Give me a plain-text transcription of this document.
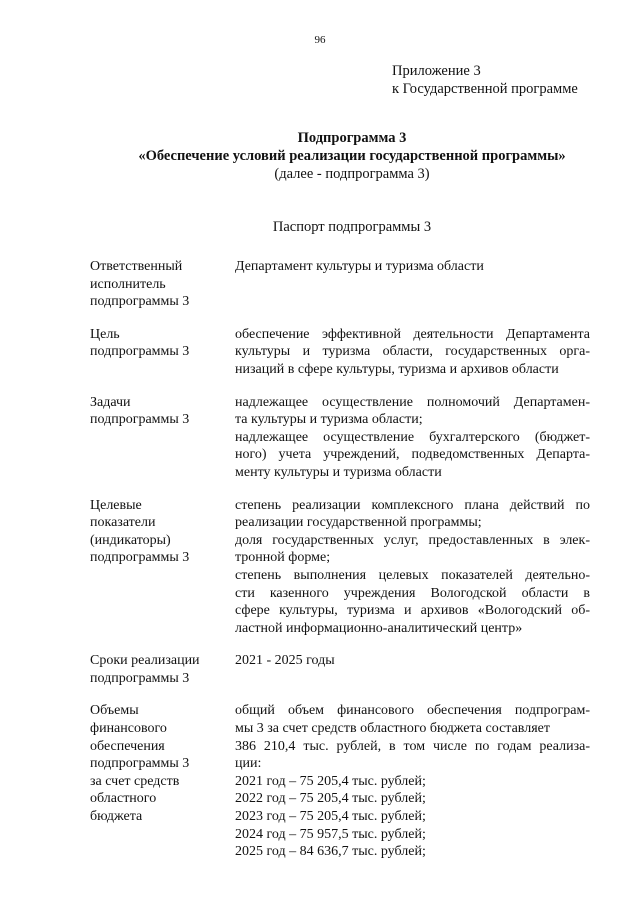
96
Приложение 3
к Государственной программе
Подпрограмма 3
«Обеспечение условий реализации государственной программы»
(далее - подпрограмма 3)
Паспорт подпрограммы 3
Ответственный
исполнитель
подпрограммы 3
Департамент культуры и туризма области
Цель
подпрограммы 3
обеспечение эффективной деятельности Департамента
культуры и туризма области, государственных орга-
низаций в сфере культуры, туризма и архивов области
Задачи
подпрограммы 3
надлежащее осуществление полномочий Департамен-
та культуры и туризма области;
надлежащее осуществление бухгалтерского (бюджет-
ного) учета учреждений, подведомственных Департа-
менту культуры и туризма области
Целевые
показатели
(индикаторы)
подпрограммы 3
степень реализации комплексного плана действий по
реализации государственной программы;
доля государственных услуг, предоставленных в элек-
тронной форме;
степень выполнения целевых показателей деятельно-
сти казенного учреждения Вологодской области в
сфере культуры, туризма и архивов «Вологодский об-
ластной информационно-аналитический центр»
Сроки реализации
подпрограммы 3
2021 - 2025 годы
Объемы
финансового
обеспечения
подпрограммы 3
за счет средств
областного
бюджета
общий объем финансового обеспечения подпрограм-
мы 3 за счет средств областного бюджета составляет
386 210,4 тыс. рублей, в том числе по годам реализа-
ции:
2021 год – 75 205,4 тыс. рублей;
2022 год – 75 205,4 тыс. рублей;
2023 год – 75 205,4 тыс. рублей;
2024 год – 75 957,5 тыс. рублей;
2025 год – 84 636,7 тыс. рублей;
